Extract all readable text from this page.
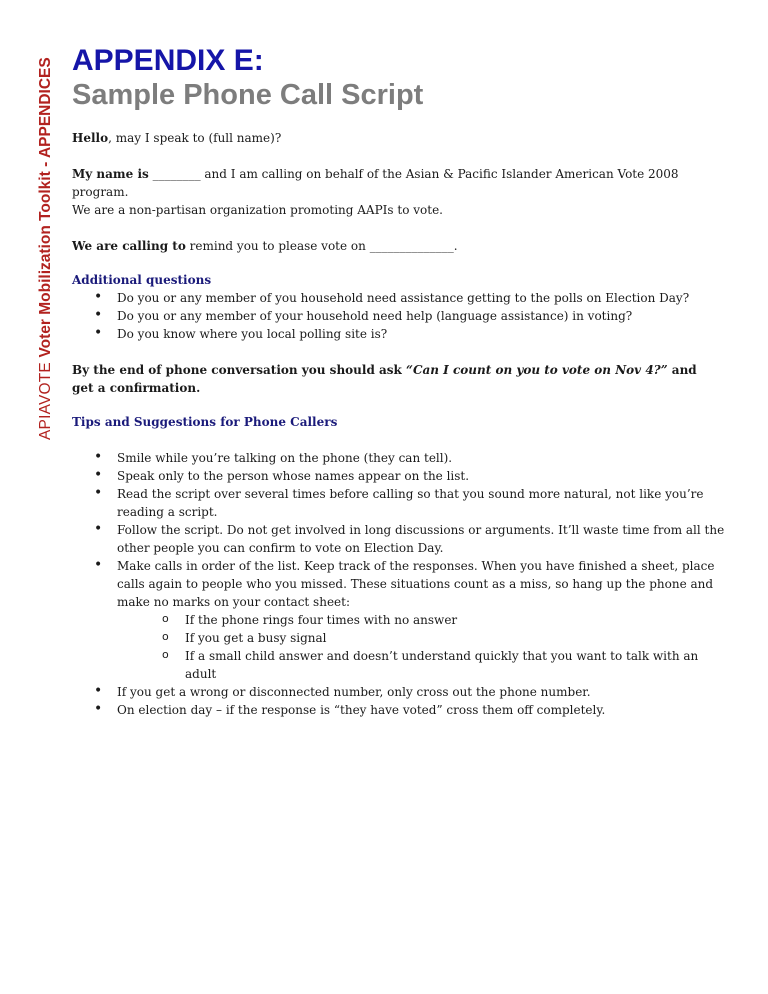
APIAVOTE Voter Mobilization Toolkit - APPENDICES APPENDIX E:
Sample Phone Call Script

Hello, may I speak to (full name)?

My name is ________ and I am calling on behalf of the Asian & Pacific Islander American Vote 2008 program.

We are a non-partisan organization promoting AAPIs to vote.

We are calling to remind you to please vote on ______________.

Additional questions
• Do you or any member of you household need assistance getting to the polls on Election Day?
• Do you or any member of your household need help (language assistance) in voting?
• Do you know where you local polling site is?

By the end of phone conversation you should ask “Can I count on you to vote on Nov 4?” and

get a confirmation.

Tips and Suggestions for Phone Callers
• Smile while you’re talking on the phone (they can tell).
• Speak only to the person whose names appear on the list.
• Read the script over several times before calling so that you sound more natural, not like you’re reading a script.
• Follow the script. Do not get involved in long discussions or arguments. It’ll waste time from all the other people you can confirm to vote on Election Day.
• Make calls in order of the list. Keep track of the responses. When you have finished a sheet, place calls again to people who you missed. These situations count as a miss, so hang up the phone and make no marks on your contact sheet:
o If the phone rings four times with no answer
o If you get a busy signal
o If a small child answer and doesn’t understand quickly that you want to talk with an adult
• If you get a wrong or disconnected number, only cross out the phone number.
• On election day – if the response is “they have voted” cross them off completely.
